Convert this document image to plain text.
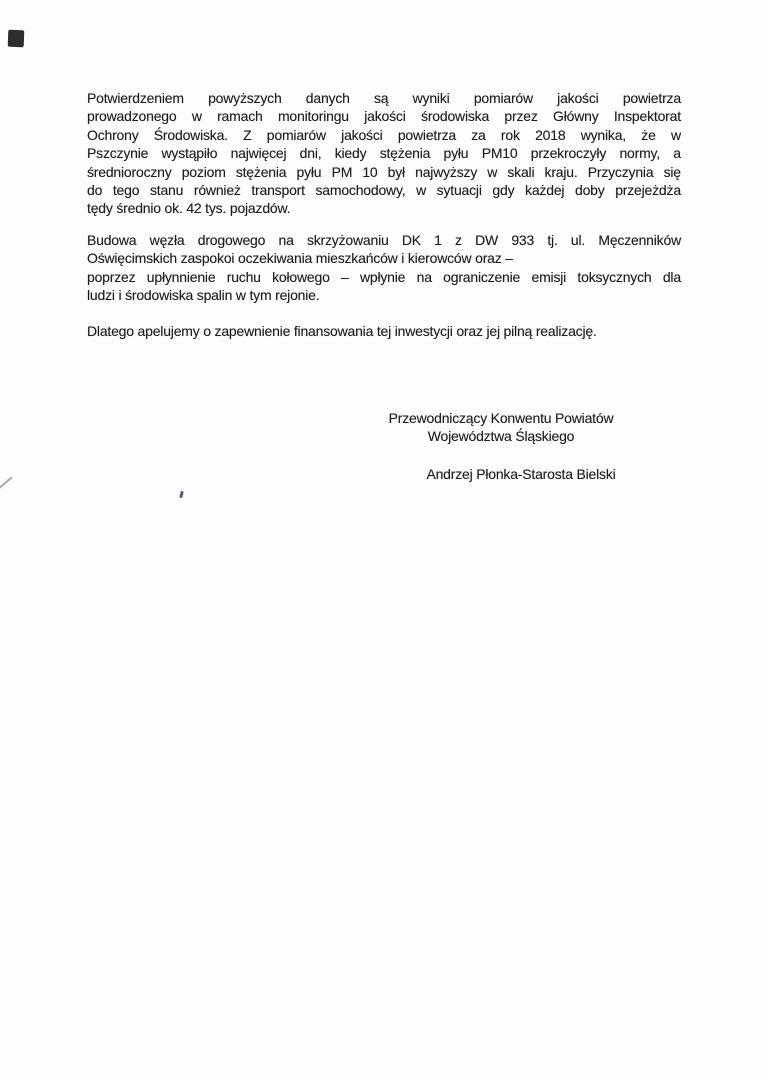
Potwierdzeniem powyższych danych są wyniki pomiarów jakości powietrza
prowadzonego w ramach monitoringu jakości środowiska przez Główny Inspektorat
Ochrony Środowiska. Z pomiarów jakości powietrza za rok 2018 wynika, że w
Pszczynie wystąpiło najwięcej dni, kiedy stężenia pyłu PM10 przekroczyły normy, a
średnioroczny poziom stężenia pyłu PM 10 był najwyższy w skali kraju. Przyczynia się
do tego stanu również transport samochodowy, w sytuacji gdy każdej doby przejeżdża
tędy średnio ok. 42 tys. pojazdów.
Budowa węzła drogowego na skrzyżowaniu DK 1 z DW 933 tj. ul. Męczenników
Oświęcimskich zaspokoi oczekiwania mieszkańców i kierowców oraz –
poprzez upłynnienie ruchu kołowego – wpłynie na ograniczenie emisji toksycznych dla
ludzi i środowiska spalin w tym rejonie.
Dlatego apelujemy o zapewnienie finansowania tej inwestycji oraz jej pilną realizację.
Przewodniczący Konwentu Powiatów
Województwa Śląskiego
Andrzej Płonka-Starosta Bielski
